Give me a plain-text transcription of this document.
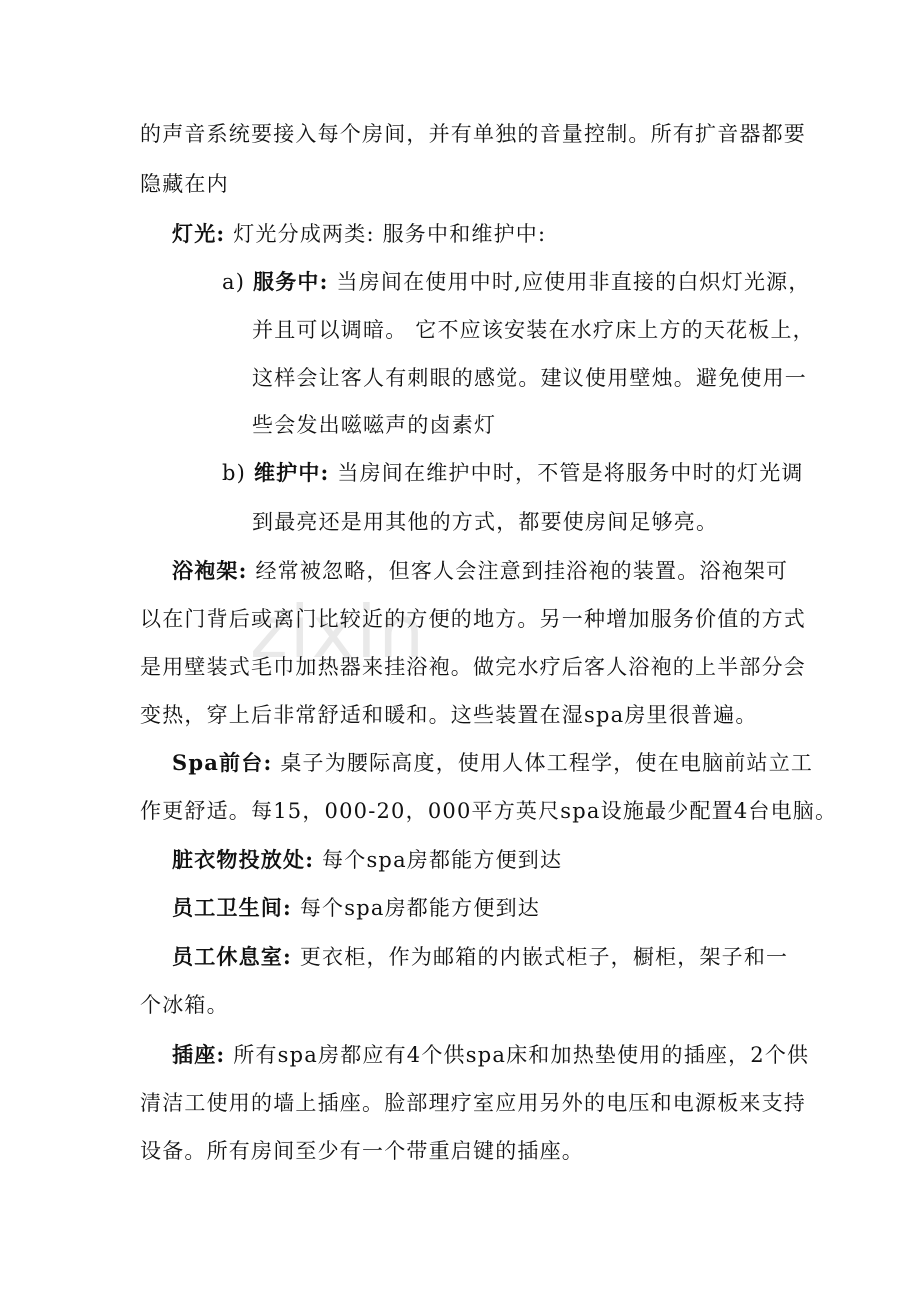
zixin
的声音系统要接入每个房间，并有单独的音量控制。所有扩音器都要
隐藏在内
灯光: 灯光分成两类: 服务中和维护中:
a) 服务中: 当房间在使用中时,应使用非直接的白炽灯光源，
并且可以调暗。 它不应该安装在水疗床上方的天花板上，
这样会让客人有刺眼的感觉。建议使用壁烛。避免使用一
些会发出嗞嗞声的卤素灯
b) 维护中: 当房间在维护中时，不管是将服务中时的灯光调
到最亮还是用其他的方式，都要使房间足够亮。
浴袍架: 经常被忽略，但客人会注意到挂浴袍的装置。浴袍架可
以在门背后或离门比较近的方便的地方。另一种增加服务价值的方式
是用壁装式毛巾加热器来挂浴袍。做完水疗后客人浴袍的上半部分会
变热，穿上后非常舒适和暖和。这些装置在湿spa房里很普遍。
Spa前台: 桌子为腰际高度，使用人体工程学，使在电脑前站立工
作更舒适。每15，000-20，000平方英尺spa设施最少配置4台电脑。
脏衣物投放处: 每个spa房都能方便到达
员工卫生间: 每个spa房都能方便到达
员工休息室: 更衣柜，作为邮箱的内嵌式柜子，橱柜，架子和一
个冰箱。
插座: 所有spa房都应有4个供spa床和加热垫使用的插座，2个供
清洁工使用的墙上插座。脸部理疗室应用另外的电压和电源板来支持
设备。所有房间至少有一个带重启键的插座。
